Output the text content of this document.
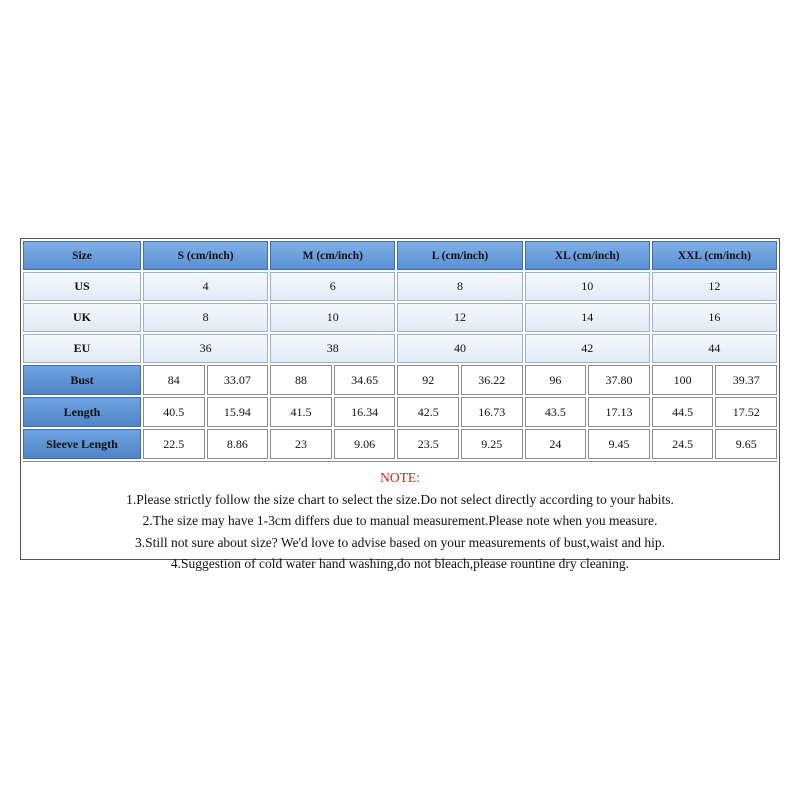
Size	S (cm/inch)	M (cm/inch)	L (cm/inch)	XL (cm/inch)	XXL (cm/inch)
US	4	6	8	10	12
UK	8	10	12	14	16
EU	36	38	40	42	44
Bust	84	33.07	88	34.65	92	36.22	96	37.80	100	39.37
Length	40.5	15.94	41.5	16.34	42.5	16.73	43.5	17.13	44.5	17.52
Sleeve Length	22.5	8.86	23	9.06	23.5	9.25	24	9.45	24.5	9.65
NOTE:
1.Please strictly follow the size chart to select the size.Do not select directly according to your habits.
2.The size may have 1-3cm differs due to manual measurement.Please note when you measure.
3.Still not sure about size? We'd love to advise based on your measurements of bust,waist and hip.
4.Suggestion of cold water hand washing,do not bleach,please rountine dry cleaning.
